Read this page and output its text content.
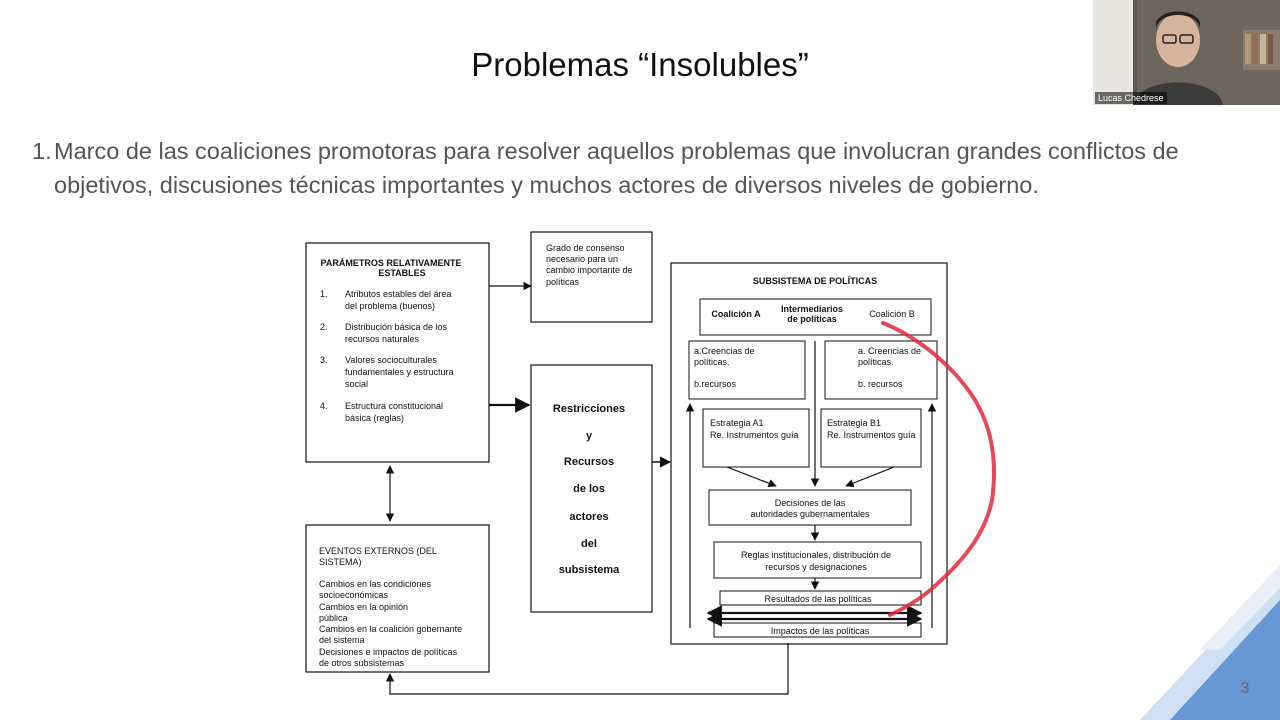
Problemas “Insolubles”
1. Marco de las coaliciones promotoras para resolver aquellos problemas que involucran grandes conflictos de objetivos, discusiones técnicas importantes y muchos actores de diversos niveles de gobierno.
PARÁMETROS RELATIVAMENTE
ESTABLES
1. Atributos estables del área
del problema (buenos)
2. Distribución básica de los
recursos naturales
3. Valores socioculturales
fundamentales y estructura
social
4. Estructura constitucional
básica (reglas)
Grado de consenso
necesario para un
cambio importante de
políticas
Restricciones
y
Recursos
de los
actores
del
subsistema
EVENTOS EXTERNOS (DEL
SISTEMA)
Cambios en las condiciones
socioeconómicas
Cambios en la opinión
pública
Cambios en la coalición gobernante
del sistema
Decisiones e impactos de políticas
de otros subsistemas
SUBSISTEMA DE POLÍTICAS
Coalición A Intermediarios
de políticas	Coalición B
a.Creencias de
políticas.
b.recursos
a. Creencias de
políticas.
b. recursos
Estrategia A1
Re. Instrumentos guía
Estrategia B1
Re. Instrumentos guía
Decisiones de las
autoridades gubernamentales
Reglas institucionales, distribución de
recursos y designaciones
Resultados de las políticas
Impactos de las políticas
3
Lucas Chedrese
